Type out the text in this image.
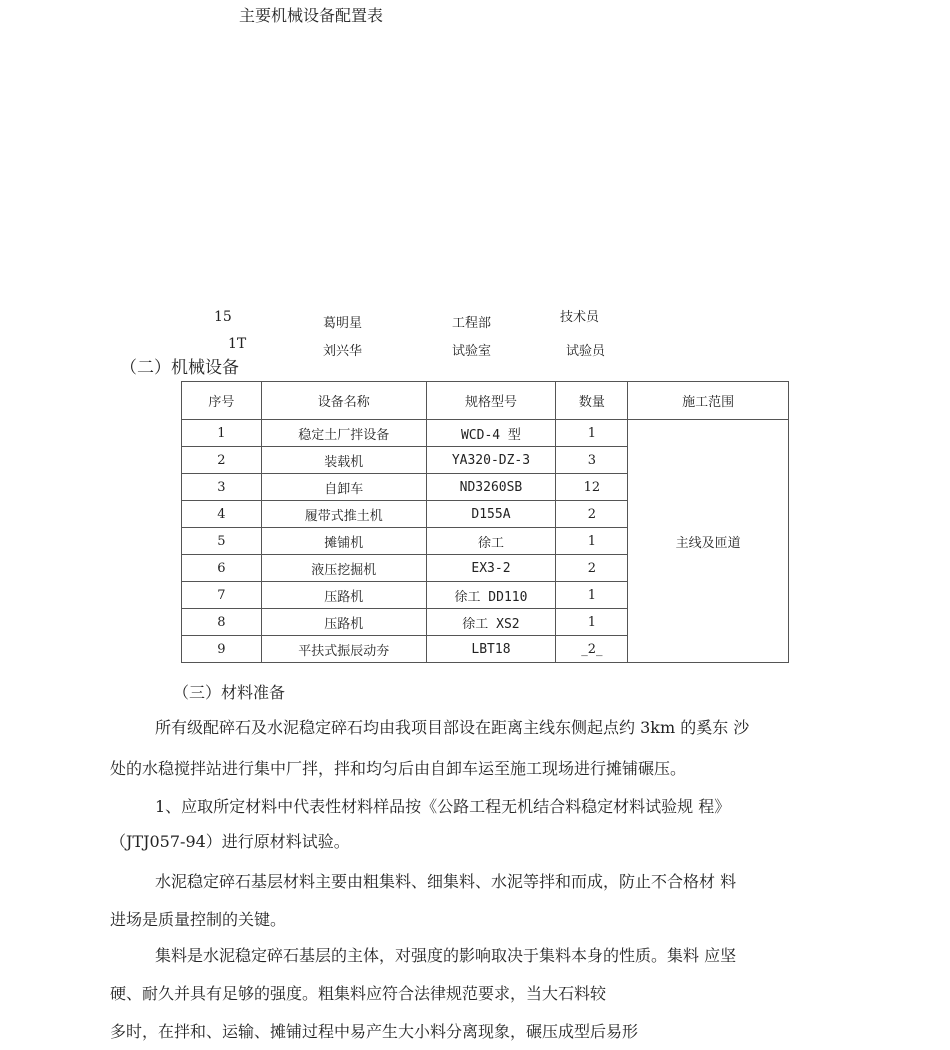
主要机械设备配置表
15	葛明星	工程部	技术员
1T	刘兴华	试验室	试验员
（二）机械设备
序号	设备名称	规格型号	数量	施工范围
1	稳定土厂拌设备	WCD-4 型	1	主线及匝道
2	装载机	YA320-DZ-3	3	
3	自卸车	ND3260SB	12	
4	履带式推土机	D155A	2	
5	摊铺机	徐工	1	
6	液压挖掘机	EX3-2	2	
7	压路机	徐工 DD110	1	
8	压路机	徐工 XS2	1	
9	平扶式振辰动夯	LBT18	_2_	
（三）材料准备
所有级配碎石及水泥稳定碎石均由我项目部设在距离主线东侧起点约 3km 的奚东 沙
处的水稳搅拌站进行集中厂拌，拌和均匀后由自卸车运至施工现场进行摊铺碾压。
1、应取所定材料中代表性材料样品按《公路工程无机结合料稳定材料试验规 程》
（JTJ057-94）进行原材料试验。
水泥稳定碎石基层材料主要由粗集料、细集料、水泥等拌和而成，防止不合格材 料
进场是质量控制的关键。
集料是水泥稳定碎石基层的主体，对强度的影响取决于集料本身的性质。集料 应坚
硬、耐久并具有足够的强度。粗集料应符合法律规范要求，当大石料较
多时，在拌和、运输、摊铺过程中易产生大小料分离现象，碾压成型后易形
